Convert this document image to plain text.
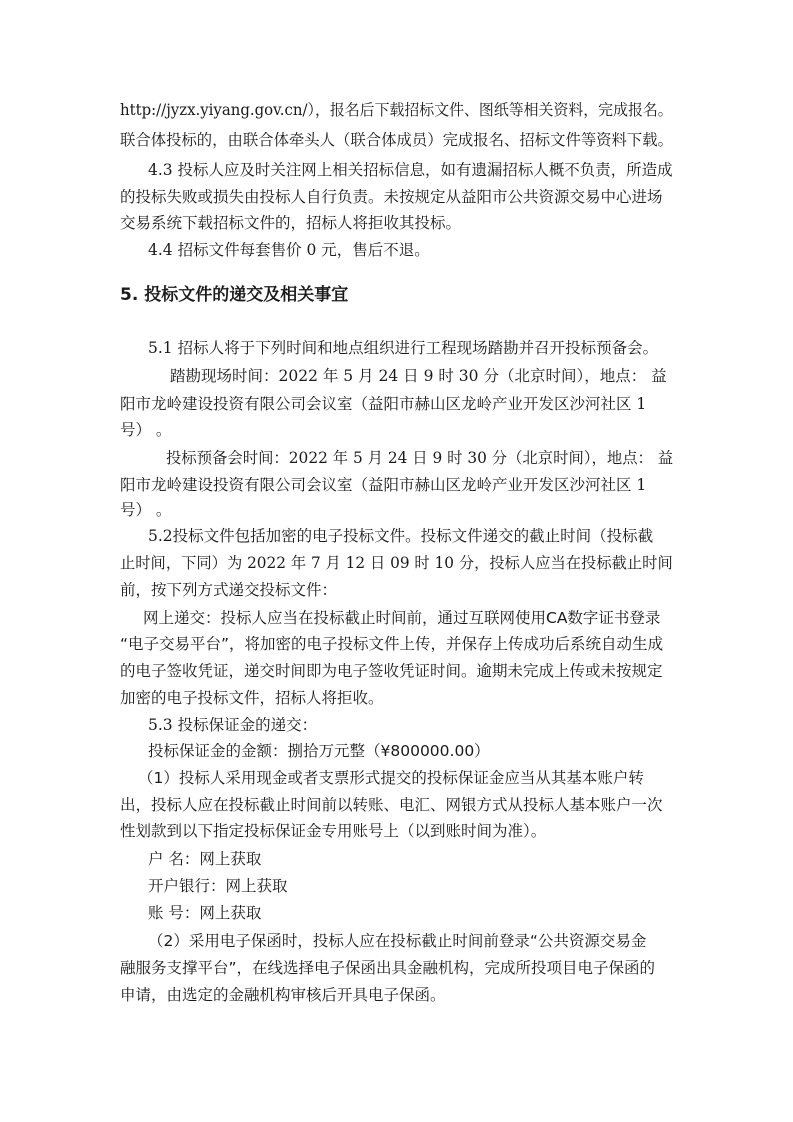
http://jyzx.yiyang.gov.cn/），报名后下载招标文件、图纸等相关资料，完成报名。
联合体投标的，由联合体牵头人（联合体成员）完成报名、招标文件等资料下载。
4.3 投标人应及时关注网上相关招标信息，如有遗漏招标人概不负责，所造成
的投标失败或损失由投标人自行负责。未按规定从益阳市公共资源交易中心进场
交易系统下载招标文件的，招标人将拒收其投标。
4.4 招标文件每套售价 0 元，售后不退。
5. 投标文件的递交及相关事宜
5.1 招标人将于下列时间和地点组织进行工程现场踏勘并召开投标预备会。
踏勘现场时间：2022 年 5 月 24 日 9 时 30 分（北京时间），地点： 益
阳市龙岭建设投资有限公司会议室（益阳市赫山区龙岭产业开发区沙河社区 1
号） 。
投标预备会时间：2022 年 5 月 24 日 9 时 30 分（北京时间），地点： 益
阳市龙岭建设投资有限公司会议室（益阳市赫山区龙岭产业开发区沙河社区 1
号） 。
5.2投标文件包括加密的电子投标文件。投标文件递交的截止时间（投标截
止时间，下同）为 2022 年 7 月 12 日 09 时 10 分，投标人应当在投标截止时间
前，按下列方式递交投标文件：
网上递交：投标人应当在投标截止时间前，通过互联网使用CA数字证书登录
“电子交易平台”，将加密的电子投标文件上传，并保存上传成功后系统自动生成
的电子签收凭证，递交时间即为电子签收凭证时间。逾期未完成上传或未按规定
加密的电子投标文件，招标人将拒收。
5.3 投标保证金的递交：
投标保证金的金额：捌拾万元整（¥800000.00）
（1）投标人采用现金或者支票形式提交的投标保证金应当从其基本账户转
出，投标人应在投标截止时间前以转账、电汇、网银方式从投标人基本账户一次
性划款到以下指定投标保证金专用账号上（以到账时间为准）。
户 名：网上获取
开户银行：网上获取
账 号：网上获取
（2）采用电子保函时，投标人应在投标截止时间前登录“公共资源交易金
融服务支撑平台”，在线选择电子保函出具金融机构，完成所投项目电子保函的
申请，由选定的金融机构审核后开具电子保函。
